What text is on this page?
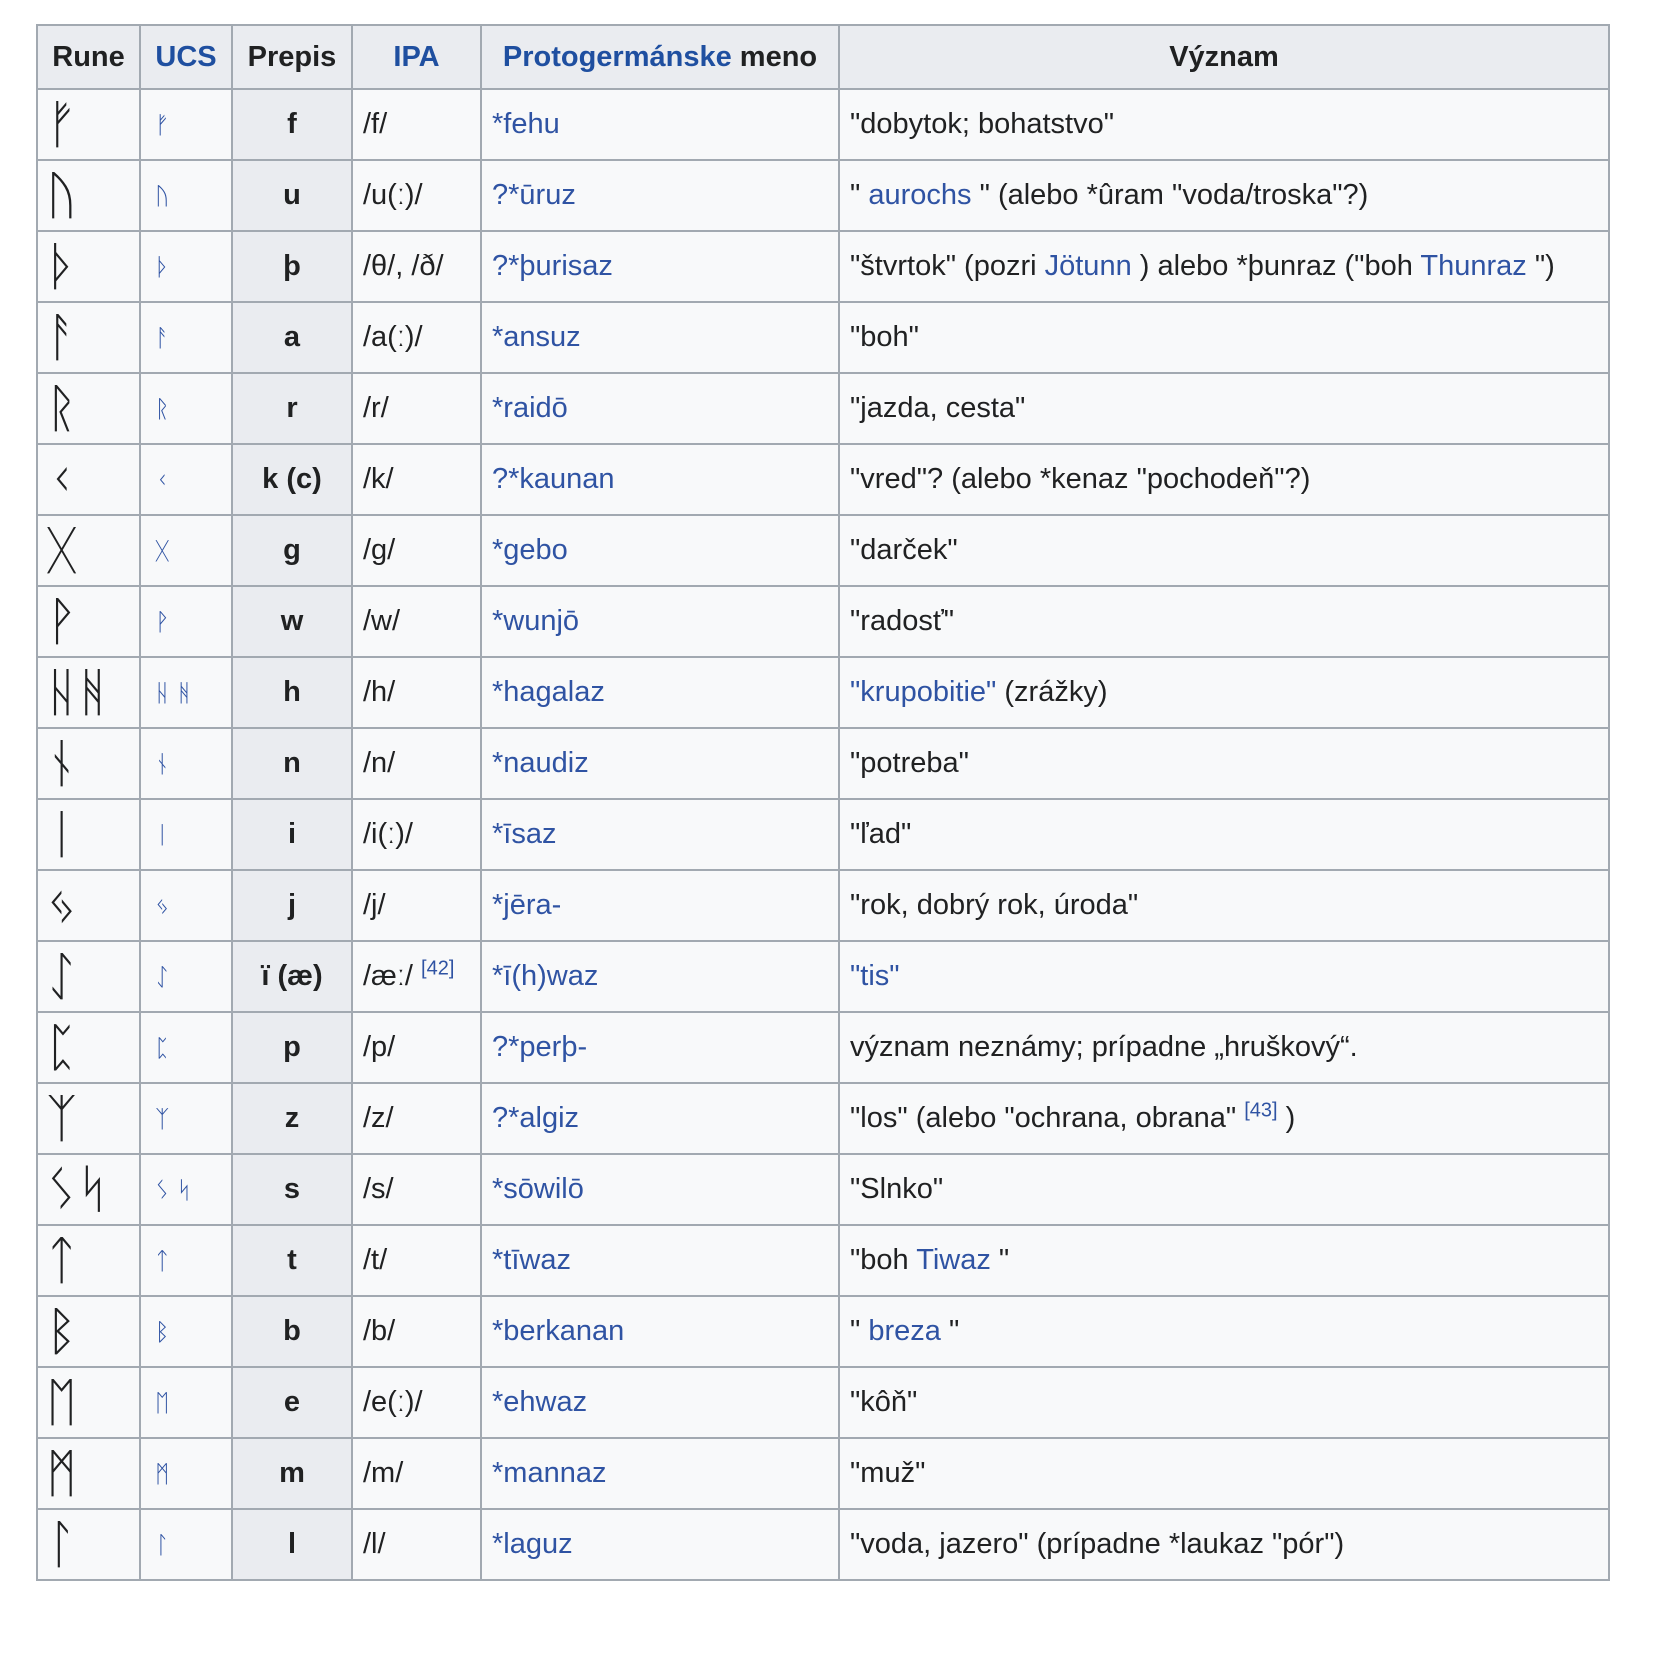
Rune	UCS	Prepis	IPA	Protogermánske meno	Význam
ᚠ	ᚠ	f	/f/	*fehu	"dobytok; bohatstvo"
ᚢ	ᚢ	u	/u(ː)/	?*ūruz	" aurochs " (alebo *ûram "voda/troska"?)
ᚦ	ᚦ	þ	/θ/, /ð/	?*þurisaz	"štvrtok" (pozri Jötunn ) alebo *þunraz ("boh Thunraz ")
ᚨ	ᚨ	a	/a(ː)/	*ansuz	"boh"
ᚱ	ᚱ	r	/r/	*raidō	"jazda, cesta"
ᚲ	ᚲ	k (c)	/k/	?*kaunan	"vred"? (alebo *kenaz "pochodeň"?)
ᚷ	ᚷ	g	/g/	*gebo	"darček"
ᚹ	ᚹ	w	/w/	*wunjō	"radosť"
ᚺᚻ	ᚺ ᚻ	h	/h/	*hagalaz	"krupobitie" (zrážky)
ᚾ	ᚾ	n	/n/	*naudiz	"potreba"
ᛁ	ᛁ	i	/i(ː)/	*īsaz	"ľad"
ᛃ	ᛃ	j	/j/	*jēra-	"rok, dobrý rok, úroda"
ᛇ	ᛇ	ï (æ)	/æː/ [42]	*ī(h)waz	"tis"
ᛈ	ᛈ	p	/p/	?*perþ-	význam neznámy; prípadne „hruškový“.
ᛉ	ᛉ	z	/z/	?*algiz	"los" (alebo "ochrana, obrana" [43] )
ᛊᛋ	ᛊ ᛋ	s	/s/	*sōwilō	"Slnko"
ᛏ	ᛏ	t	/t/	*tīwaz	"boh Tiwaz "
ᛒ	ᛒ	b	/b/	*berkanan	" breza "
ᛖ	ᛖ	e	/e(ː)/	*ehwaz	"kôň"
ᛗ	ᛗ	m	/m/	*mannaz	"muž"
ᛚ	ᛚ	l	/l/	*laguz	"voda, jazero" (prípadne *laukaz "pór")
